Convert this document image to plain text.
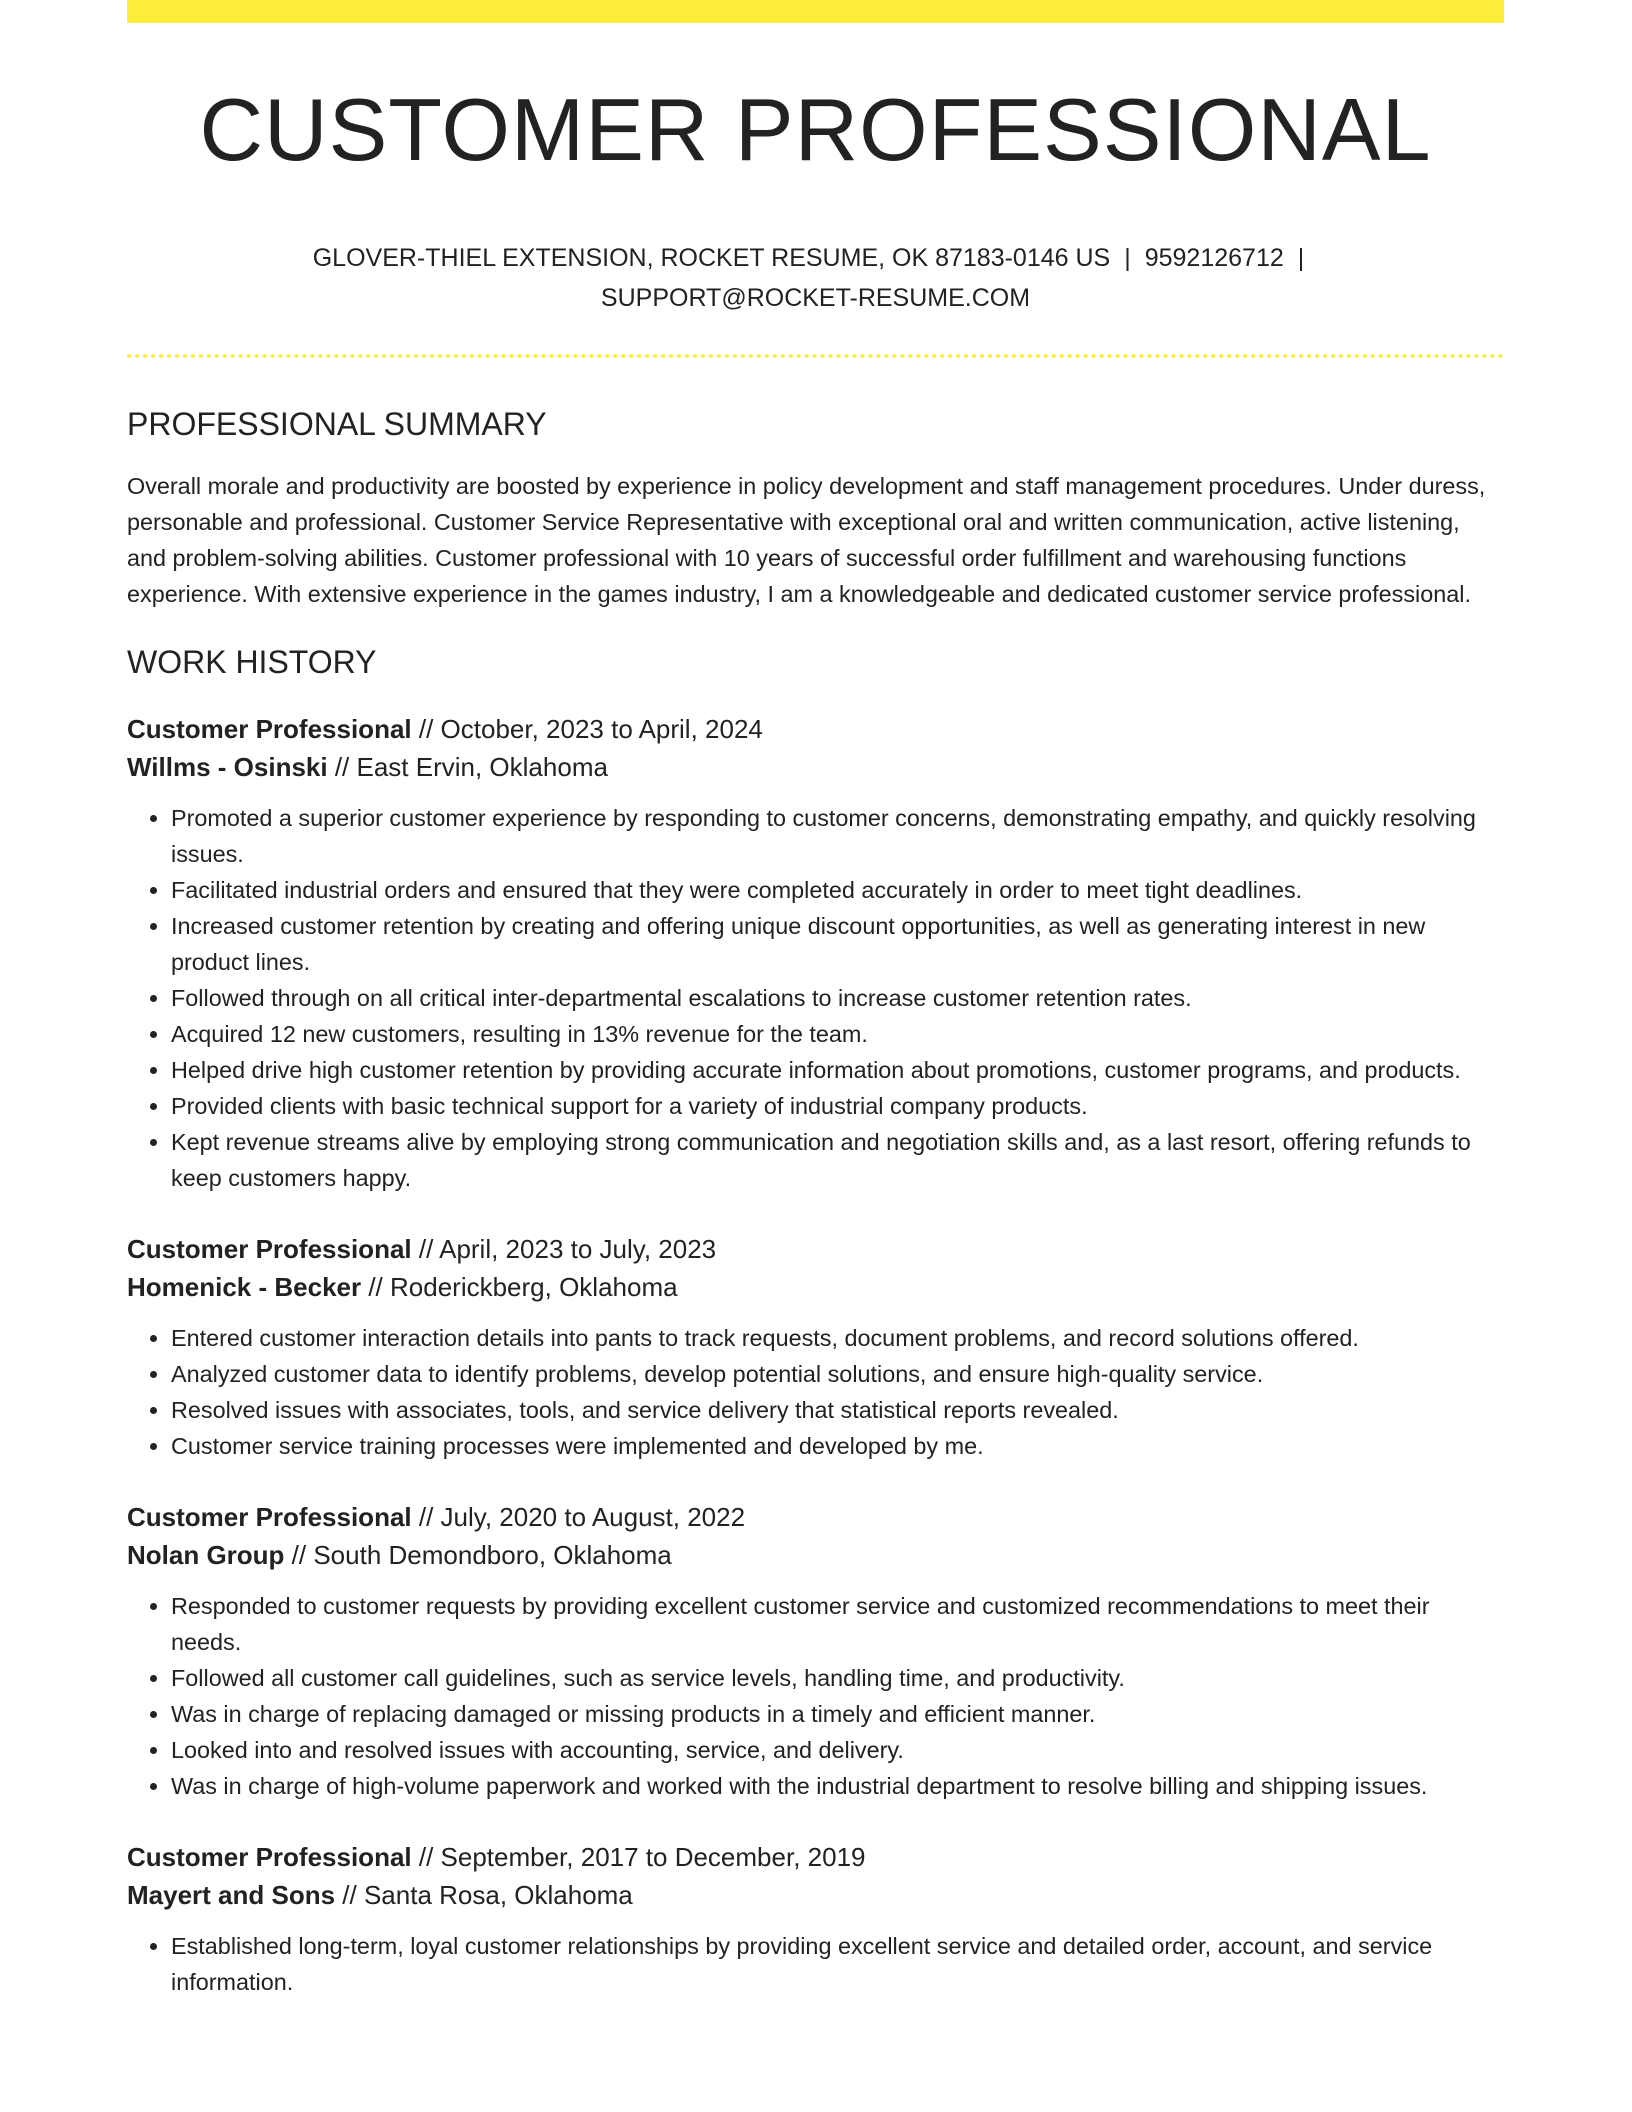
CUSTOMER PROFESSIONAL
GLOVER-THIEL EXTENSION, ROCKET RESUME, OK 87183-0146 US | 9592126712 |
SUPPORT@ROCKET-RESUME.COM
PROFESSIONAL SUMMARY

Overall morale and productivity are boosted by experience in policy development and staff management procedures. Under duress, personable and professional. Customer Service Representative with exceptional oral and written communication, active listening, and problem-solving abilities. Customer professional with 10 years of successful order fulfillment and warehousing functions experience. With extensive experience in the games industry, I am a knowledgeable and dedicated customer service professional.

WORK HISTORY
Customer Professional // October, 2023 to April, 2024
Willms - Osinski // East Ervin, Oklahoma
• Promoted a superior customer experience by responding to customer concerns, demonstrating empathy, and quickly resolving issues.
• Facilitated industrial orders and ensured that they were completed accurately in order to meet tight deadlines.
• Increased customer retention by creating and offering unique discount opportunities, as well as generating interest in new product lines.
• Followed through on all critical inter-departmental escalations to increase customer retention rates.
• Acquired 12 new customers, resulting in 13% revenue for the team.
• Helped drive high customer retention by providing accurate information about promotions, customer programs, and products.
• Provided clients with basic technical support for a variety of industrial company products.
• Kept revenue streams alive by employing strong communication and negotiation skills and, as a last resort, offering refunds to keep customers happy.
Customer Professional // April, 2023 to July, 2023
Homenick - Becker // Roderickberg, Oklahoma
• Entered customer interaction details into pants to track requests, document problems, and record solutions offered.
• Analyzed customer data to identify problems, develop potential solutions, and ensure high-quality service.
• Resolved issues with associates, tools, and service delivery that statistical reports revealed.
• Customer service training processes were implemented and developed by me.
Customer Professional // July, 2020 to August, 2022
Nolan Group // South Demondboro, Oklahoma
• Responded to customer requests by providing excellent customer service and customized recommendations to meet their needs.
• Followed all customer call guidelines, such as service levels, handling time, and productivity.
• Was in charge of replacing damaged or missing products in a timely and efficient manner.
• Looked into and resolved issues with accounting, service, and delivery.
• Was in charge of high-volume paperwork and worked with the industrial department to resolve billing and shipping issues.
Customer Professional // September, 2017 to December, 2019
Mayert and Sons // Santa Rosa, Oklahoma
• Established long-term, loyal customer relationships by providing excellent service and detailed order, account, and service information.
